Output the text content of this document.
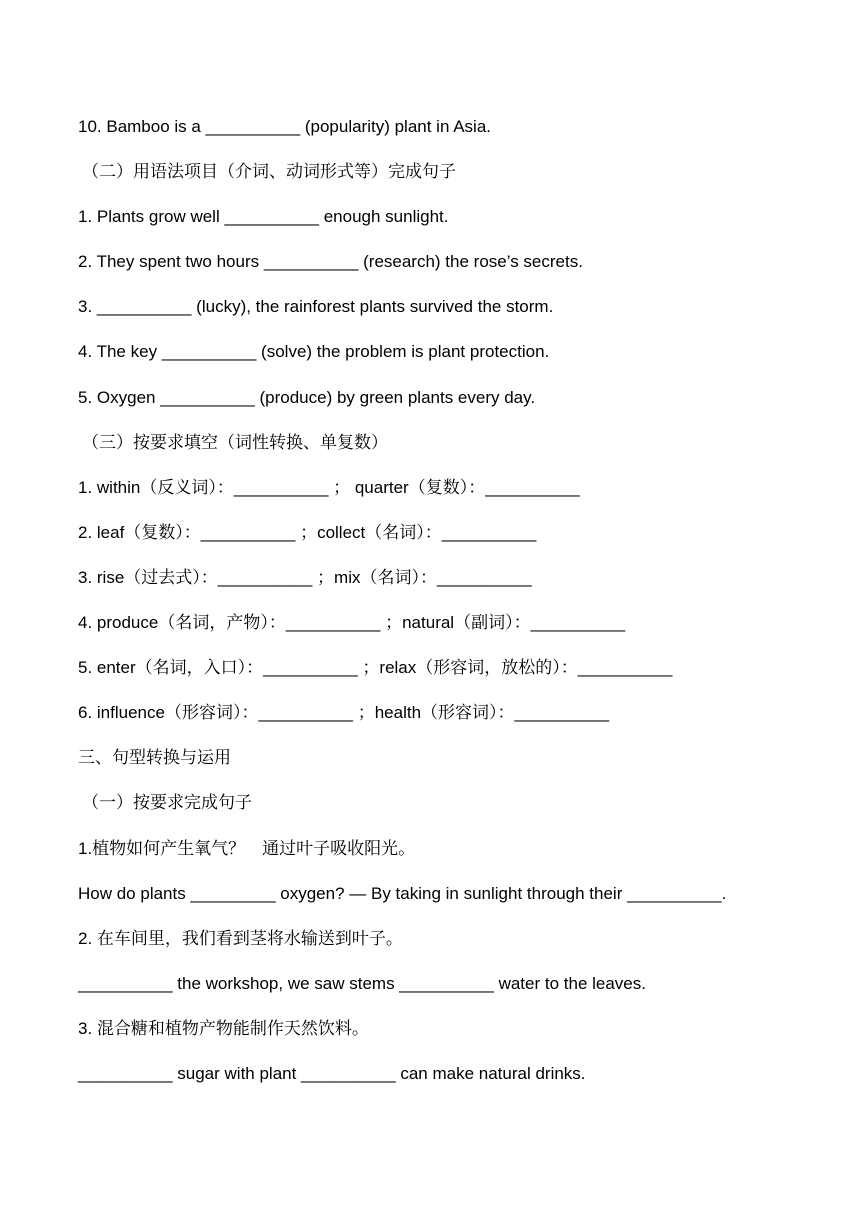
10. Bamboo is a __________ (popularity) plant in Asia.
（二）用语法项目（介词、动词形式等）完成句子
1. Plants grow well __________ enough sunlight.
2. They spent two hours __________ (research) the rose’s secrets.
3. __________ (lucky), the rainforest plants survived the storm.
4. The key __________ (solve) the problem is plant protection.
5. Oxygen __________ (produce) by green plants every day.
（三）按要求填空（词性转换、单复数）
1. within（反义词）：__________ ； quarter（复数）：__________
2. leaf（复数）：__________ ；collect（名词）：__________
3. rise（过去式）：__________ ；mix（名词）：__________
4. produce（名词，产物）：__________ ；natural（副词）：__________
5. enter（名词，入口）：__________ ；relax（形容词，放松的）：__________
6. influence（形容词）：__________ ；health（形容词）：__________
三、句型转换与运用
（一）按要求完成句子
1.植物如何产生氧气？　通过叶子吸收阳光。
How do plants _________ oxygen? — By taking in sunlight through their __________.
2. 在车间里，我们看到茎将水输送到叶子。
__________ the workshop, we saw stems __________ water to the leaves.
3. 混合糖和植物产物能制作天然饮料。
__________ sugar with plant __________ can make natural drinks.
